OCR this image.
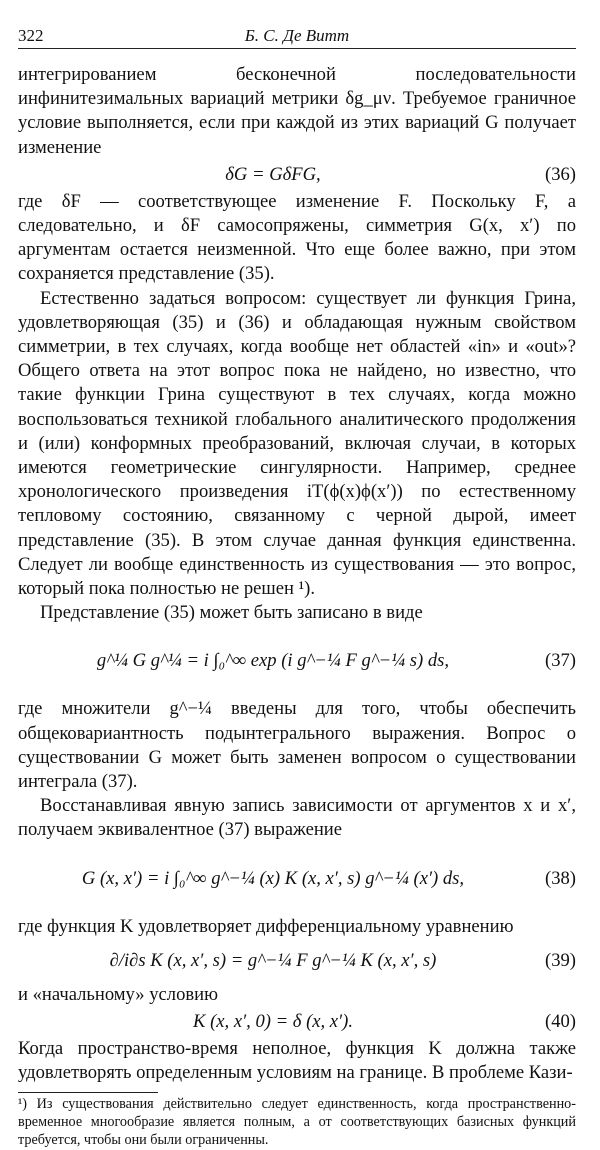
322	Б. С. Де Витт

интегрированием бесконечной последовательности инфинитезимальных вариаций метрики δg_μν. Требуемое граничное условие выполняется, если при каждой из этих вариаций G получает изменение

δG = GδFG,	(36)

где δF — соответствующее изменение F. Поскольку F, а следовательно, и δF самосопряжены, симметрия G(x, x′) по аргументам остается неизменной. Что еще более важно, при этом сохраняется представление (35).

Естественно задаться вопросом: существует ли функция Грина, удовлетворяющая (35) и (36) и обладающая нужным свойством симметрии, в тех случаях, когда вообще нет областей «in» и «out»? Общего ответа на этот вопрос пока не найдено, но известно, что такие функции Грина существуют в тех случаях, когда можно воспользоваться техникой глобального аналитического продолжения и (или) конформных преобразований, включая случаи, в которых имеются геометрические сингулярности. Например, среднее хронологического произведения iT(ϕ(x)ϕ(x′)) по естественному тепловому состоянию, связанному с черной дырой, имеет представление (35). В этом случае данная функция единственна. Следует ли вообще единственность из существования — это вопрос, который пока полностью не решен ¹).

Представление (35) может быть записано в виде

g^¼ G g^¼ = i ∫₀^∞ exp (i g^−¼ F g^−¼ s) ds,	(37)

где множители g^−¼ введены для того, чтобы обеспечить общековариантность подынтегрального выражения. Вопрос о существовании G может быть заменен вопросом о существовании интеграла (37).

Восстанавливая явную запись зависимости от аргументов x и x′, получаем эквивалентное (37) выражение

G (x, x′) = i ∫₀^∞ g^−¼ (x) K (x, x′, s) g^−¼ (x′) ds,	(38)

где функция K удовлетворяет дифференциальному уравнению

∂/i∂s K (x, x′, s) = g^−¼ F g^−¼ K (x, x′, s)	(39)

и «начальному» условию

K (x, x′, 0) = δ (x, x′).	(40)

Когда пространство-время неполное, функция K должна также удовлетворять определенным условиям на границе. В проблеме Кази-

¹) Из существования действительно следует единственность, когда пространственно-временное многообразие является полным, а от соответствующих базисных функций требуется, чтобы они были ограниченны.
